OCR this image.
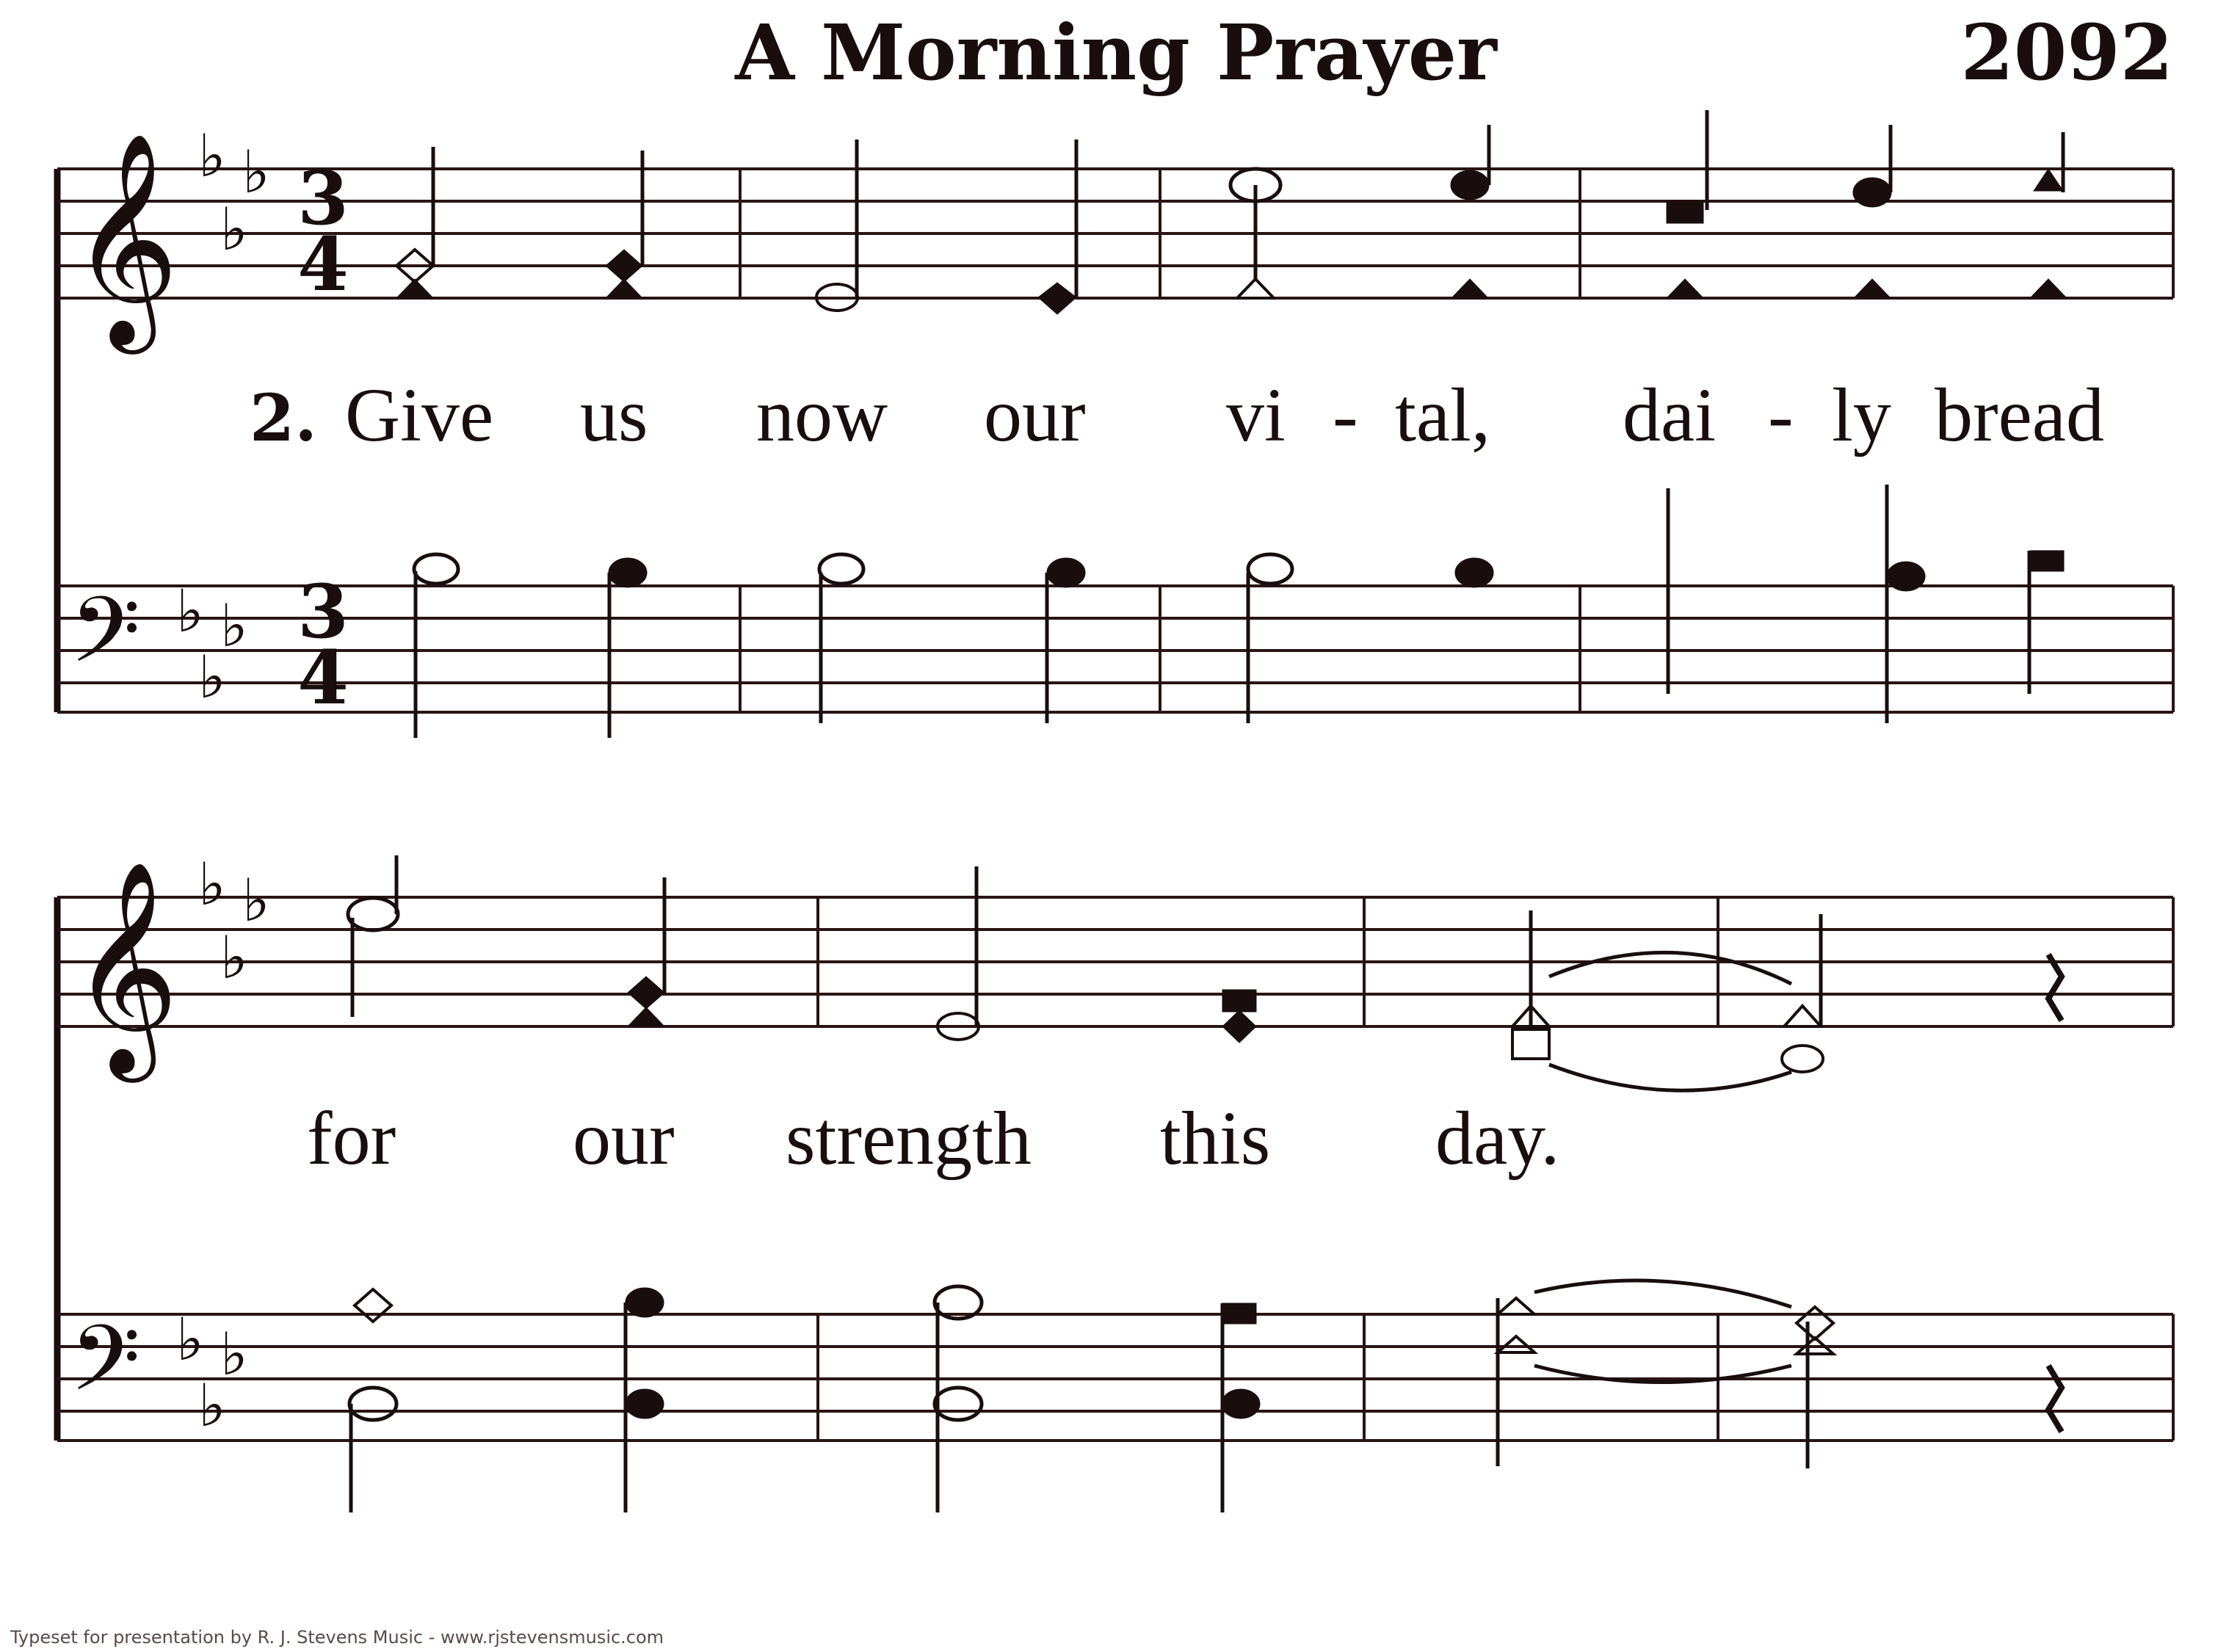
A Morning Prayer	2092
𝄞 ♭
♭
♭ 3
4
2. Give us now our vi - tal, dai - ly bread
𝄢 ♭
♭
♭ 3
4
𝄞 ♭
♭
♭
for our strength this day.
𝄢 ♭
♭
♭
Typeset for presentation by R. J. Stevens Music - www.rjstevensmusic.com
